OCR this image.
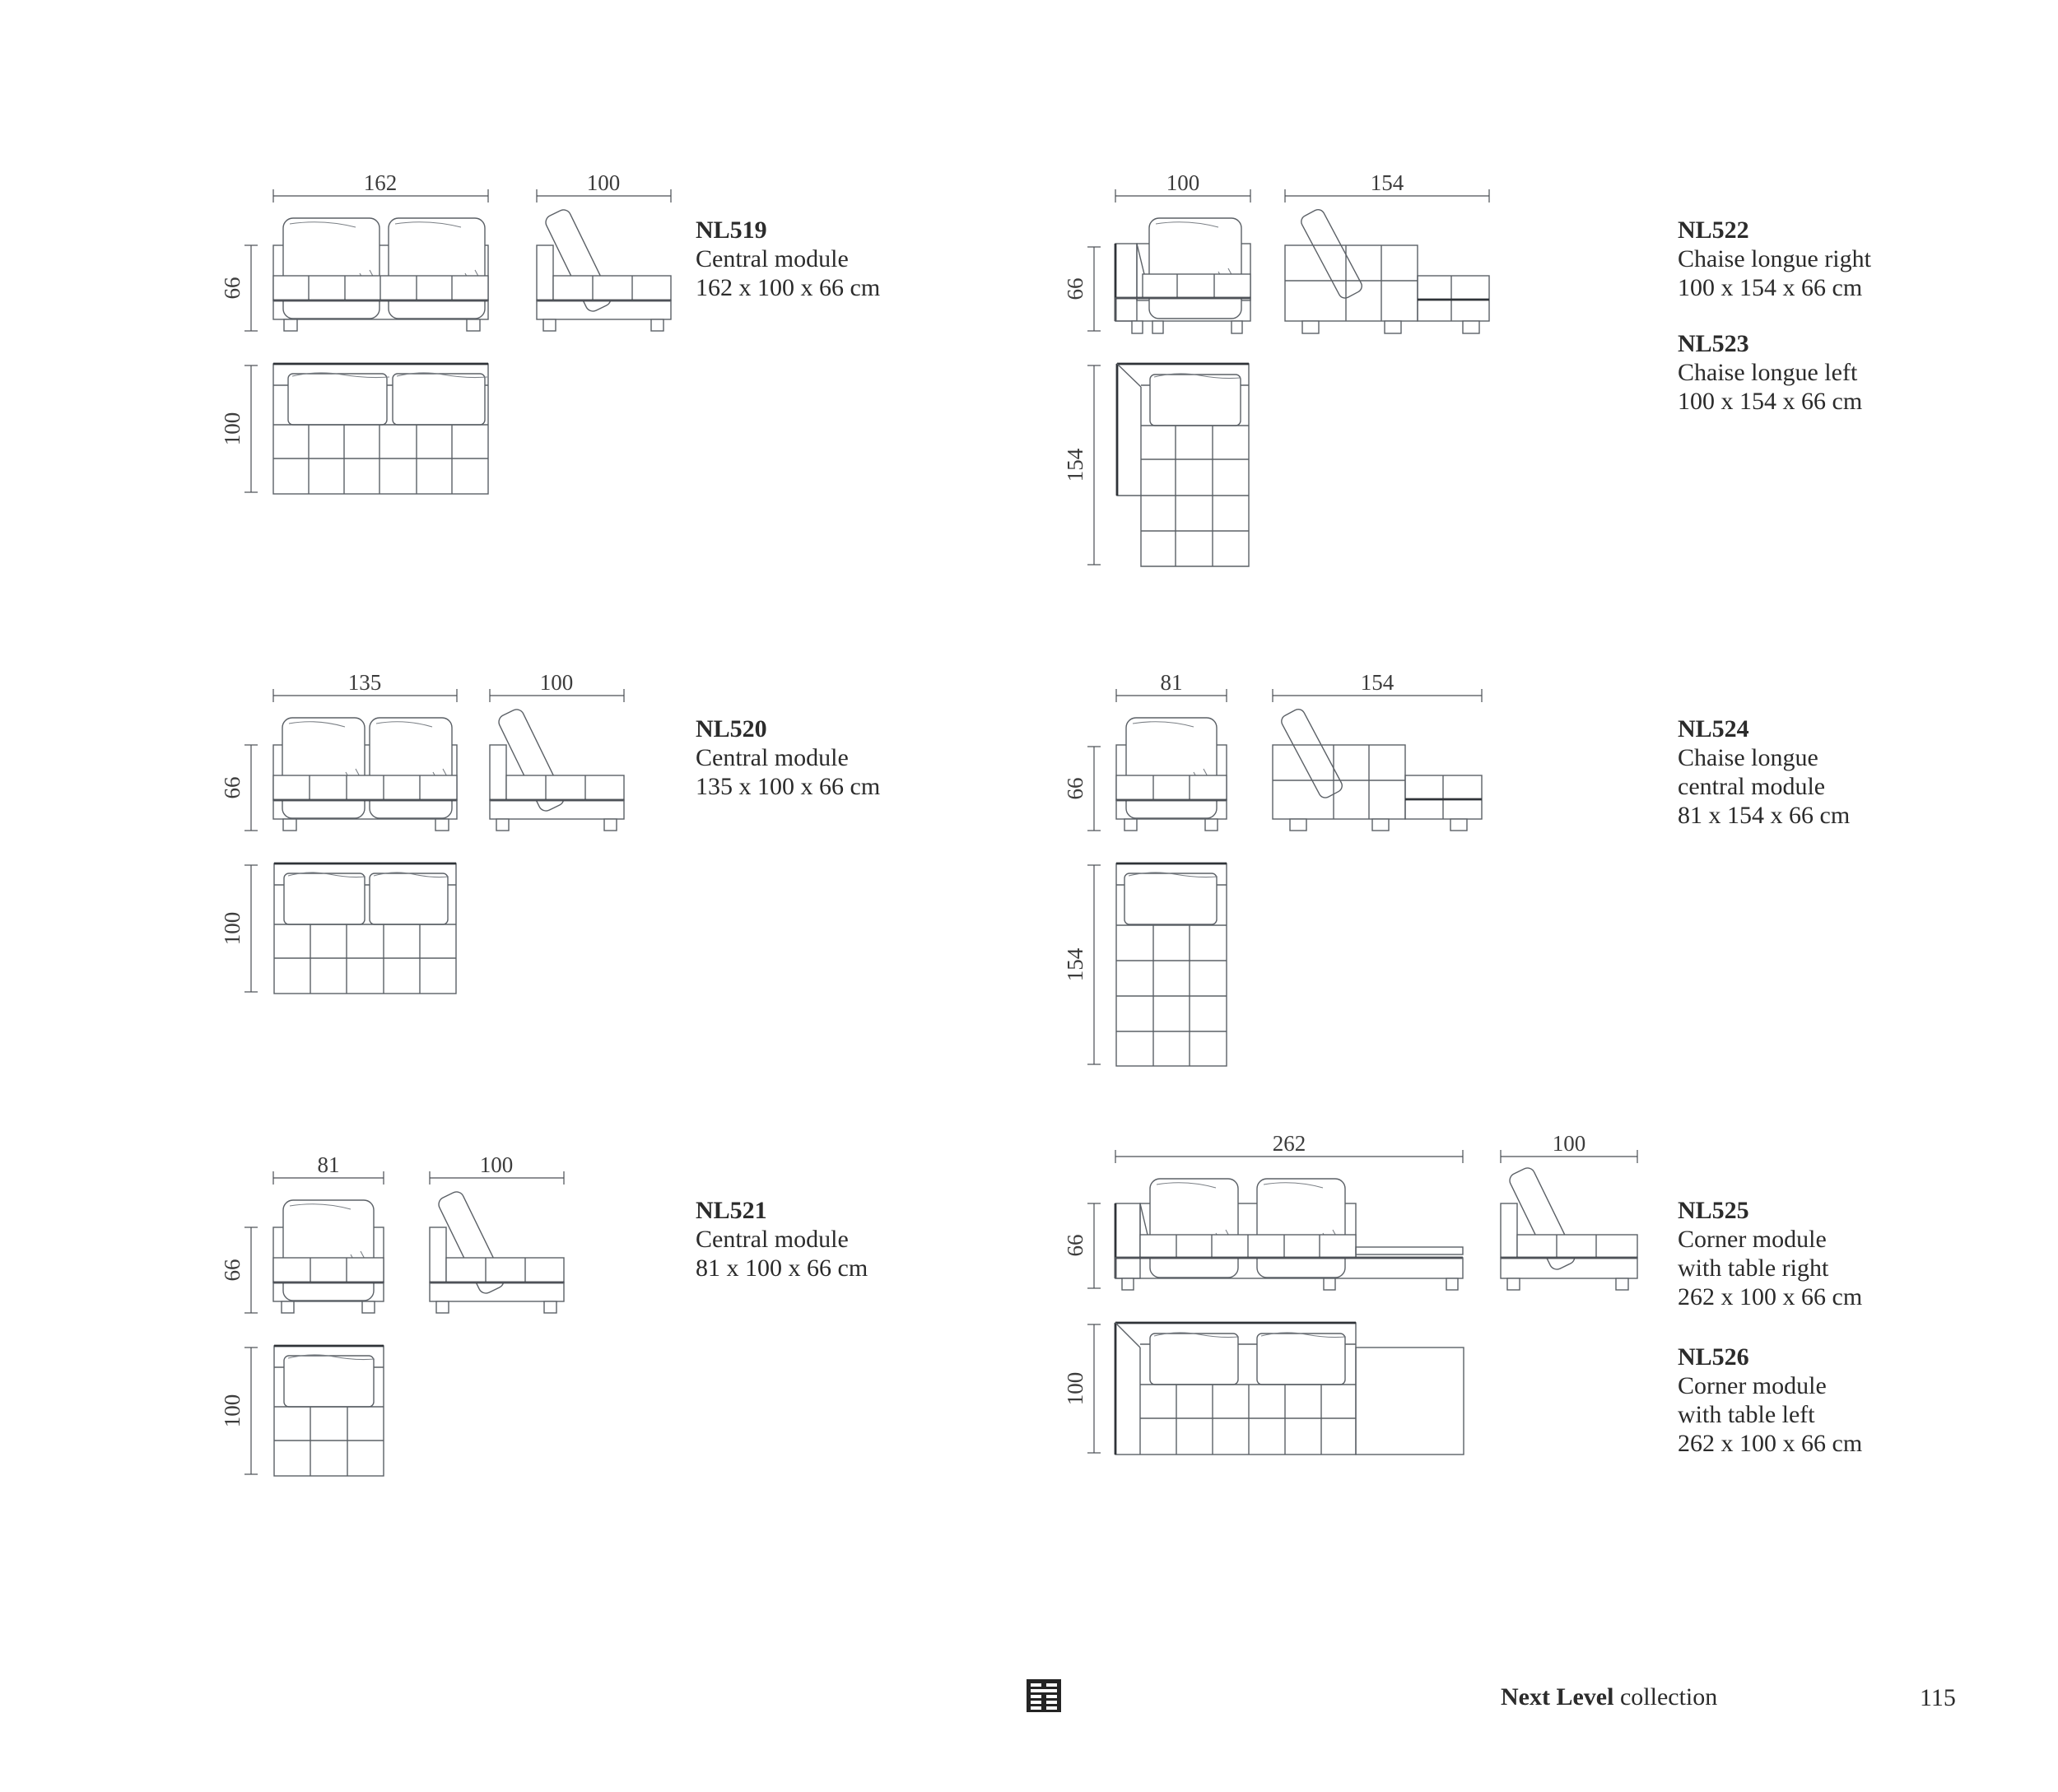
162	100
66
100
100	154
66
154
135	100
66
100
81	154
66
154
81	100
66
100
262	100
66
100
NL519
Central module
162 x 100 x 66 cm
NL522
Chaise longue right
100 x 154 x 66 cm
NL523
Chaise longue left
100 x 154 x 66 cm
NL520
Central module
135 x 100 x 66 cm
NL524
Chaise longue
central module
81 x 154 x 66 cm
NL521
Central module
81 x 100 x 66 cm
NL525
Corner module
with table right
262 x 100 x 66 cm
NL526
Corner module
with table left
262 x 100 x 66 cm
Next Level collection	115
